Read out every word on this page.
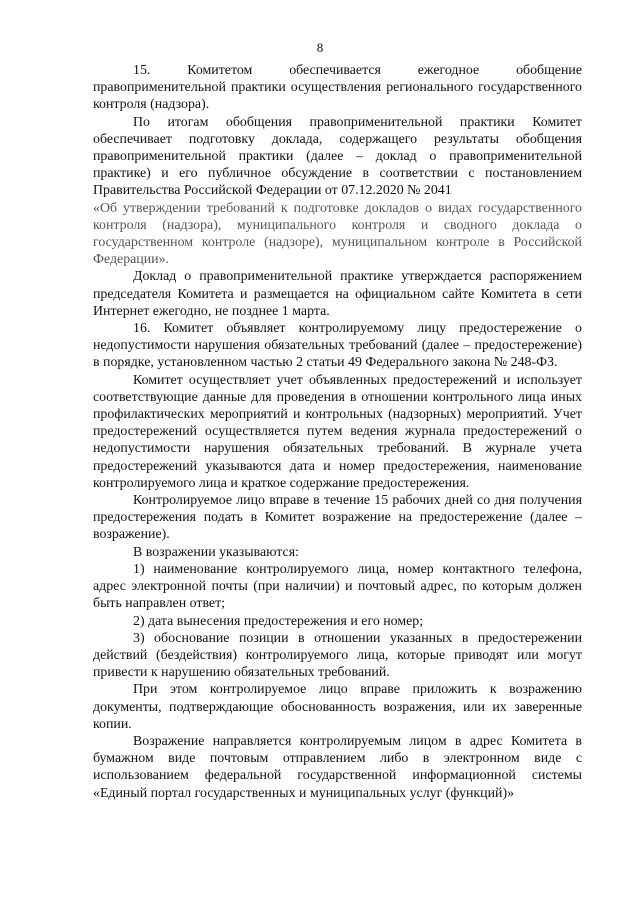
8

15. Комитетом обеспечивается ежегодное обобщение правоприменительной практики осуществления регионального государственного контроля (надзора).

По итогам обобщения правоприменительной практики Комитет обеспечивает подготовку доклада, содержащего результаты обобщения правоприменительной практики (далее – доклад о правоприменительной практике) и его публичное обсуждение в соответствии с постановлением Правительства Российской Федерации от 07.12.2020 № 2041

«Об утверждении требований к подготовке докладов о видах государственного контроля (надзора), муниципального контроля и сводного доклада о государственном контроле (надзоре), муниципальном контроле в Российской Федерации».

Доклад о правоприменительной практике утверждается распоряжением председателя Комитета и размещается на официальном сайте Комитета в сети Интернет ежегодно, не позднее 1 марта.

16. Комитет объявляет контролируемому лицу предостережение о недопустимости нарушения обязательных требований (далее – предостережение) в порядке, установленном частью 2 статьи 49 Федерального закона № 248-ФЗ.

Комитет осуществляет учет объявленных предостережений и использует соответствующие данные для проведения в отношении контрольного лица иных профилактических мероприятий и контрольных (надзорных) мероприятий. Учет предостережений осуществляется путем ведения журнала предостережений о недопустимости нарушения обязательных требований. В журнале учета предостережений указываются дата и номер предостережения, наименование контролируемого лица и краткое содержание предостережения.

Контролируемое лицо вправе в течение 15 рабочих дней со дня получения предостережения подать в Комитет возражение на предостережение (далее – возражение).

В возражении указываются:

1) наименование контролируемого лица, номер контактного телефона, адрес электронной почты (при наличии) и почтовый адрес, по которым должен быть направлен ответ;

2) дата вынесения предостережения и его номер;

3) обоснование позиции в отношении указанных в предостережении действий (бездействия) контролируемого лица, которые приводят или могут привести к нарушению обязательных требований.

При этом контролируемое лицо вправе приложить к возражению документы, подтверждающие обоснованность возражения, или их заверенные копии.

Возражение направляется контролируемым лицом в адрес Комитета в бумажном виде почтовым отправлением либо в электронном виде с использованием федеральной государственной информационной системы «Единый портал государственных и муниципальных услуг (функций)»
